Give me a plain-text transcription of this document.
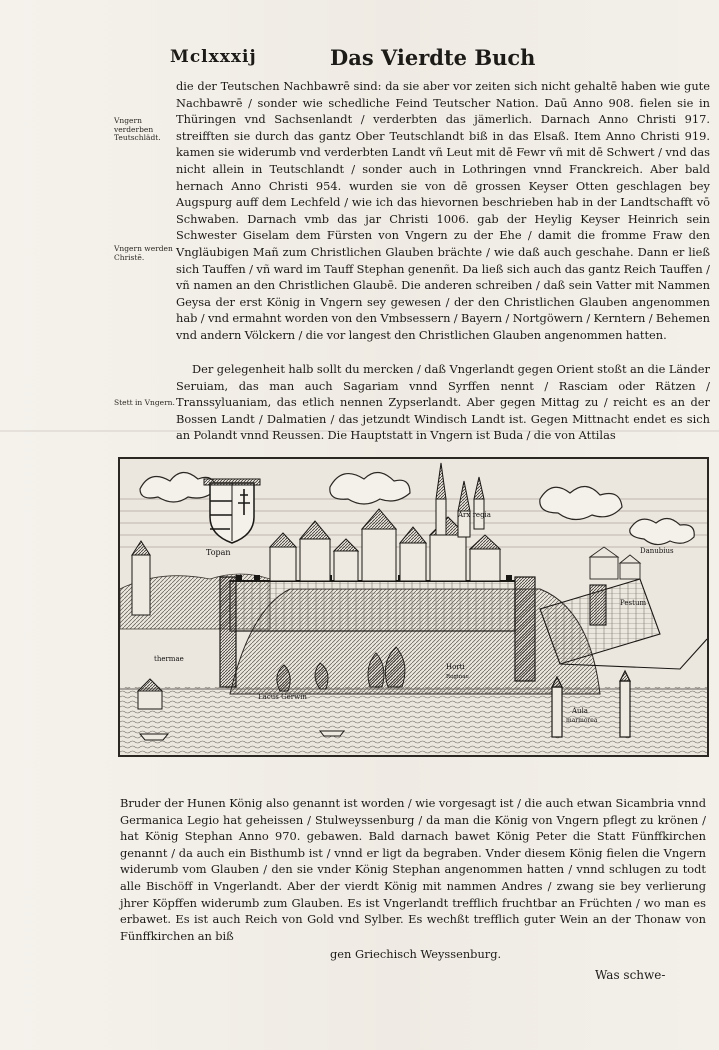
Mclxxxij	Das Vierdte Buch
Vngern verderben Teutschlädt.
Vngern werden Christē.
Stett in Vngern.

die der Teutschen Nachbawrē sind: da sie aber vor zeiten sich nicht gehaltē haben wie gute Nachbawrē / sonder wie schedliche Feind Teutscher Nation. Daū Anno 908. fielen sie in Thüringen vnd Sachsenlandt / verderbten das jämerlich. Darnach Anno Christi 917. streifften sie durch das gantz Ober Teutschlandt biß in das Elsaß. Item Anno Christi 919. kamen sie widerumb vnd verderbten Landt vñ Leut mit dē Fewr vñ mit dē Schwert / vnd das nicht allein in Teutschlandt / sonder auch in Lothringen vnnd Franckreich. Aber bald hernach Anno Christi 954. wurden sie von dē grossen Keyser Otten geschlagen bey Augspurg auff dem Lechfeld / wie ich das hievornen beschrieben hab in der Landtschafft vō Schwaben. Darnach vmb das jar Christi 1006. gab der Heylig Keyser Heinrich sein Schwester Giselam dem Fürsten von Vngern zu der Ehe / damit die fromme Fraw den Vngläubigen Mañ zum Christlichen Glauben brächte / wie daß auch geschahe. Dann er ließ sich Tauffen / vñ ward im Tauff Stephan genenñt. Da ließ sich auch das gantz Reich Tauffen / vñ namen an den Christlichen Glaubē. Die anderen schreiben / daß sein Vatter mit Nammen Geysa der erst König in Vngern sey gewesen / der den Christlichen Glauben angenommen hab / vnd ermahnt worden von den Vmbsessern / Bayern / Nortgöwern / Kerntern / Behemen vnd andern Völckern / die vor langest den Christlichen Glauben angenommen hatten.

Der gelegenheit halb sollt du mercken / daß Vngerlandt gegen Orient stoßt an die Länder Seruiam, das man auch Sagariam vnnd Syrffen nennt / Rasciam oder Rätzen / Transsyluaniam, das etlich nennen Zypserlandt. Aber gegen Mittag zu / reicht es an der Bossen Landt / Dalmatien / das jetzundt Windisch Landt ist. Gegen Mittnacht endet es sich an Polandt vnnd Reussen. Die Hauptstatt in Vngern ist Buda / die von Attilas

Arx regia
Topan	Danubius
thermae
Horti
Reginae
Lacus Gerwin
Pestum
Aula
marmorea

Bruder der Hunen König also genannt ist worden / wie vorgesagt ist / die auch etwan Sicambria vnnd Germanica Legio hat geheissen / Stulweyssenburg / da man die König von Vngern pflegt zu krönen / hat König Stephan Anno 970. gebawen. Bald darnach bawet König Peter die Statt Fünffkirchen genannt / da auch ein Bisthumb ist / vnnd er ligt da begraben. Vnder diesem König fielen die Vngern widerumb vom Glauben / den sie vnder König Stephan angenommen hatten / vnnd schlugen zu todt alle Bischöff in Vngerlandt. Aber der vierdt König mit nammen Andres / zwang sie bey verlierung jhrer Köpffen widerumb zum Glauben. Es ist Vngerlandt trefflich fruchtbar an Früchten / wo man es erbawet. Es ist auch Reich von Gold vnd Sylber. Es wechßt trefflich guter Wein an der Thonaw von Fünffkirchen an biß

gen Griechisch Weyssenburg.
Was schwe-
